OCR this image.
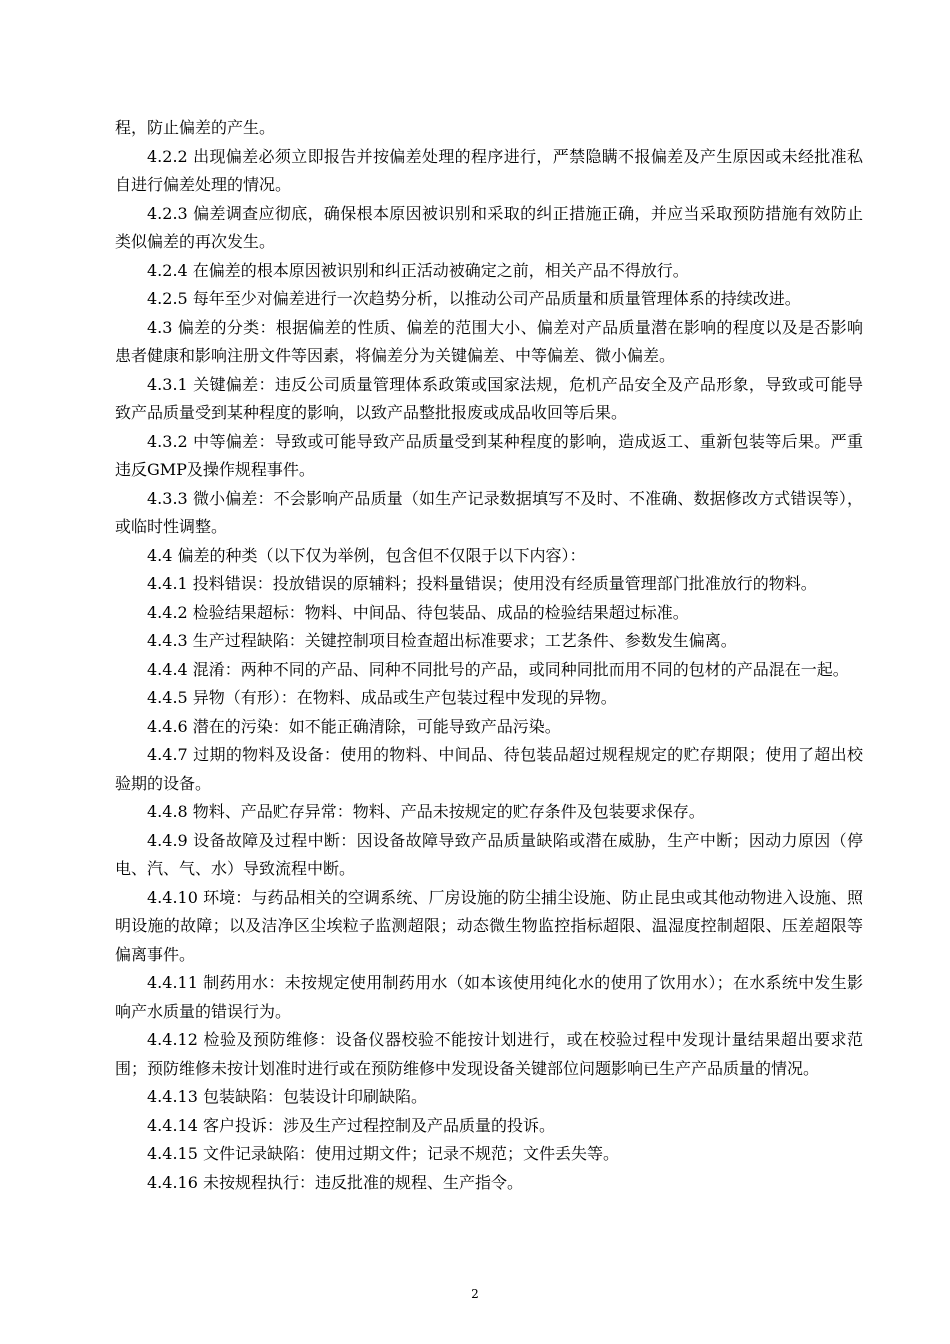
程，防止偏差的产生。

4.2.2 出现偏差必须立即报告并按偏差处理的程序进行，严禁隐瞒不报偏差及产生原因或未经批准私自进行偏差处理的情况。

4.2.3 偏差调查应彻底，确保根本原因被识别和采取的纠正措施正确，并应当采取预防措施有效防止类似偏差的再次发生。

4.2.4 在偏差的根本原因被识别和纠正活动被确定之前，相关产品不得放行。

4.2.5 每年至少对偏差进行一次趋势分析，以推动公司产品质量和质量管理体系的持续改进。

4.3 偏差的分类：根据偏差的性质、偏差的范围大小、偏差对产品质量潜在影响的程度以及是否影响患者健康和影响注册文件等因素，将偏差分为关键偏差、中等偏差、微小偏差。

4.3.1 关键偏差：违反公司质量管理体系政策或国家法规，危机产品安全及产品形象，导致或可能导致产品质量受到某种程度的影响，以致产品整批报废或成品收回等后果。

4.3.2 中等偏差：导致或可能导致产品质量受到某种程度的影响，造成返工、重新包装等后果。严重违反GMP及操作规程事件。

4.3.3 微小偏差：不会影响产品质量（如生产记录数据填写不及时、不准确、数据修改方式错误等），或临时性调整。

4.4 偏差的种类（以下仅为举例，包含但不仅限于以下内容）：

4.4.1 投料错误：投放错误的原辅料；投料量错误；使用没有经质量管理部门批准放行的物料。

4.4.2 检验结果超标：物料、中间品、待包装品、成品的检验结果超过标准。

4.4.3 生产过程缺陷：关键控制项目检查超出标准要求；工艺条件、参数发生偏离。

4.4.4 混淆：两种不同的产品、同种不同批号的产品，或同种同批而用不同的包材的产品混在一起。

4.4.5 异物（有形）：在物料、成品或生产包装过程中发现的异物。

4.4.6 潜在的污染：如不能正确清除，可能导致产品污染。

4.4.7 过期的物料及设备：使用的物料、中间品、待包装品超过规程规定的贮存期限；使用了超出校验期的设备。

4.4.8 物料、产品贮存异常：物料、产品未按规定的贮存条件及包装要求保存。

4.4.9 设备故障及过程中断：因设备故障导致产品质量缺陷或潜在威胁，生产中断；因动力原因（停电、汽、气、水）导致流程中断。

4.4.10 环境：与药品相关的空调系统、厂房设施的防尘捕尘设施、防止昆虫或其他动物进入设施、照明设施的故障；以及洁净区尘埃粒子监测超限；动态微生物监控指标超限、温湿度控制超限、压差超限等偏离事件。

4.4.11 制药用水：未按规定使用制药用水（如本该使用纯化水的使用了饮用水）；在水系统中发生影响产水质量的错误行为。

4.4.12 检验及预防维修：设备仪器校验不能按计划进行，或在校验过程中发现计量结果超出要求范围；预防维修未按计划准时进行或在预防维修中发现设备关键部位问题影响已生产产品质量的情况。

4.4.13 包装缺陷：包装设计印刷缺陷。

4.4.14 客户投诉：涉及生产过程控制及产品质量的投诉。

4.4.15 文件记录缺陷：使用过期文件；记录不规范；文件丢失等。

4.4.16 未按规程执行：违反批准的规程、生产指令。

2
